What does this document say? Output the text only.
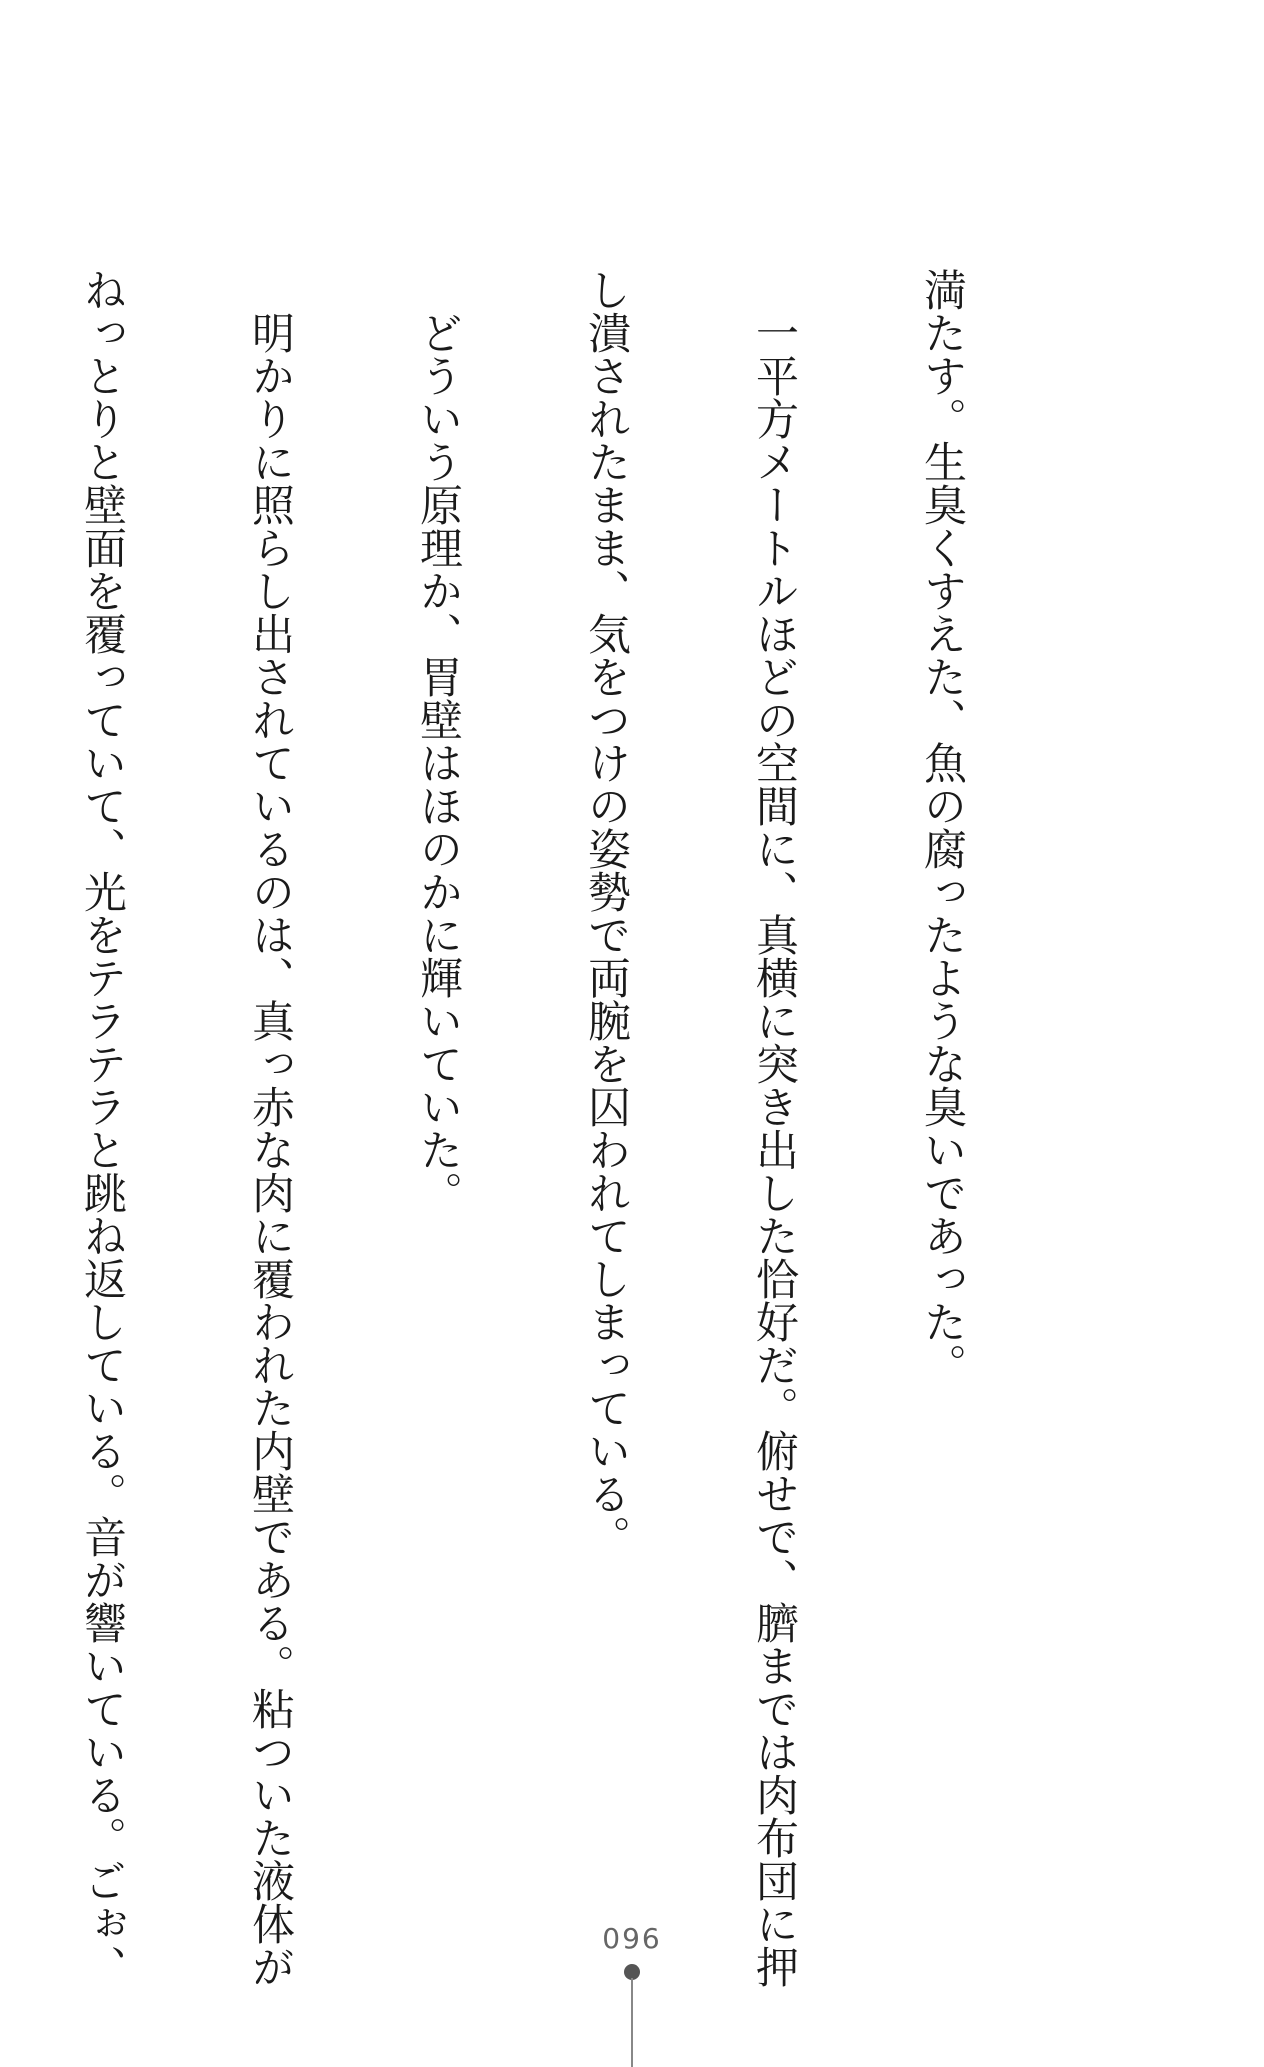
満たす。生臭くすえた、魚の腐ったような臭いであった。

　一平方メートルほどの空間に、真横に突き出した恰好だ。俯せで、臍までは肉布団に押

し潰されたまま、気をつけの姿勢で両腕を囚われてしまっている。

　どういう原理か、胃壁はほのかに輝いていた。

　明かりに照らし出されているのは、真っ赤な肉に覆われた内壁である。粘ついた液体が

ねっとりと壁面を覆っていて、光をテラテラと跳ね返している。音が響いている。ごぉ、

	096
